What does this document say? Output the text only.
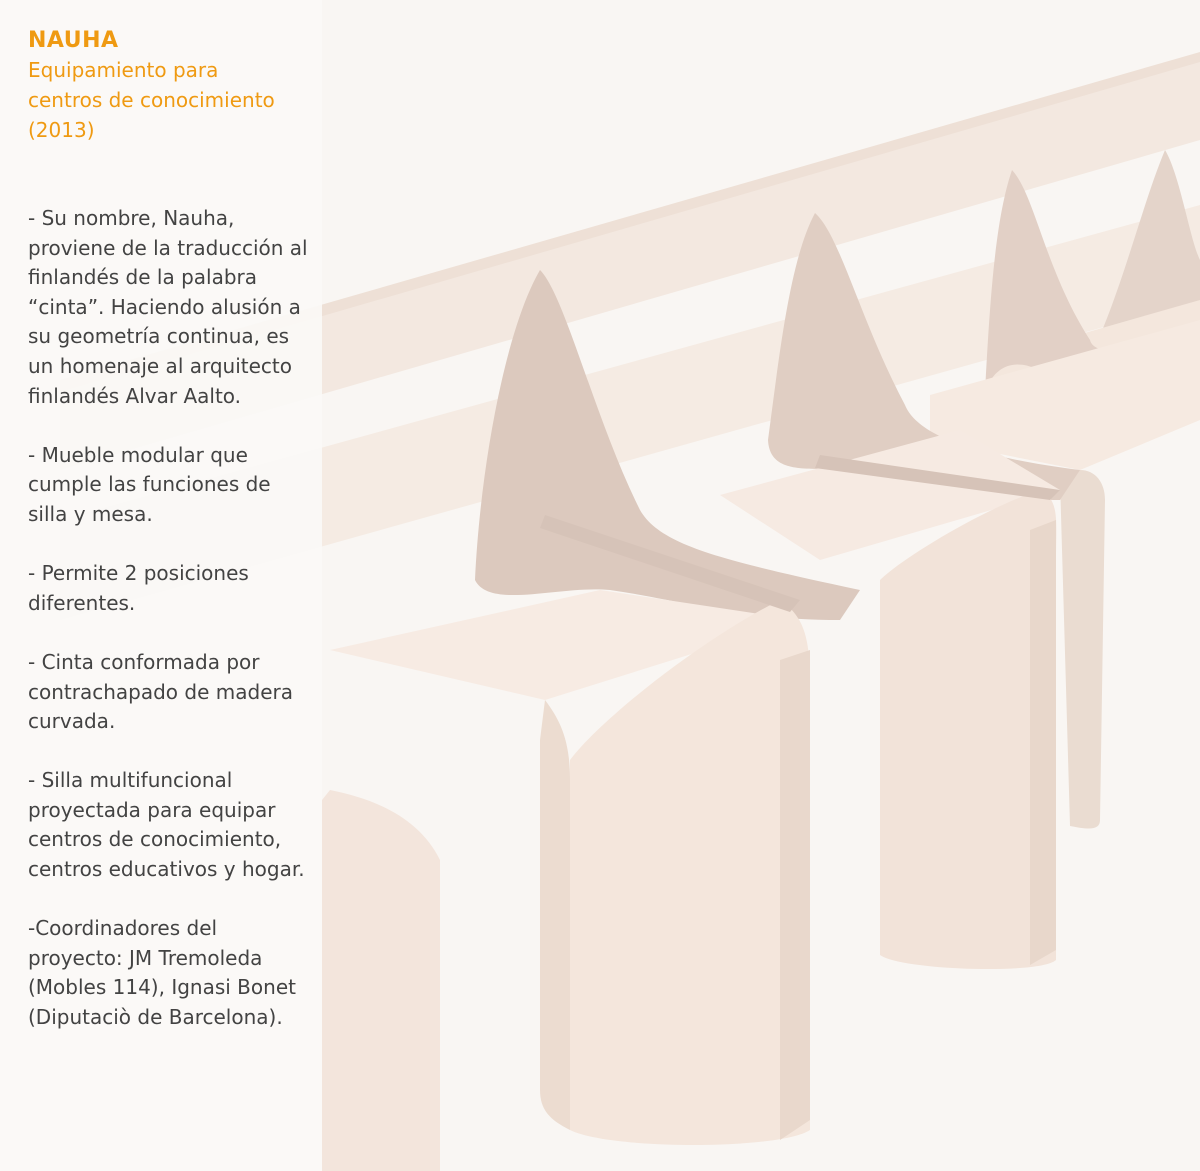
NAUHA
Equipamiento para
centros de conocimiento
(2013)

- Su nombre, Nauha, proviene de la traducción al finlandés de la palabra “cinta”. Haciendo alusión a su geometría continua, es un homenaje al arquitecto finlandés Alvar Aalto.

- Mueble modular que cumple las funciones de silla y mesa.

- Permite 2 posiciones diferentes.

- Cinta conformada por contrachapado de madera curvada.

- Silla multifuncional proyectada para equipar centros de conocimiento, centros educativos y hogar.

-Coordinadores del proyecto: JM Tremoleda (Mobles 114), Ignasi Bonet (Diputaciò de Barcelona).
